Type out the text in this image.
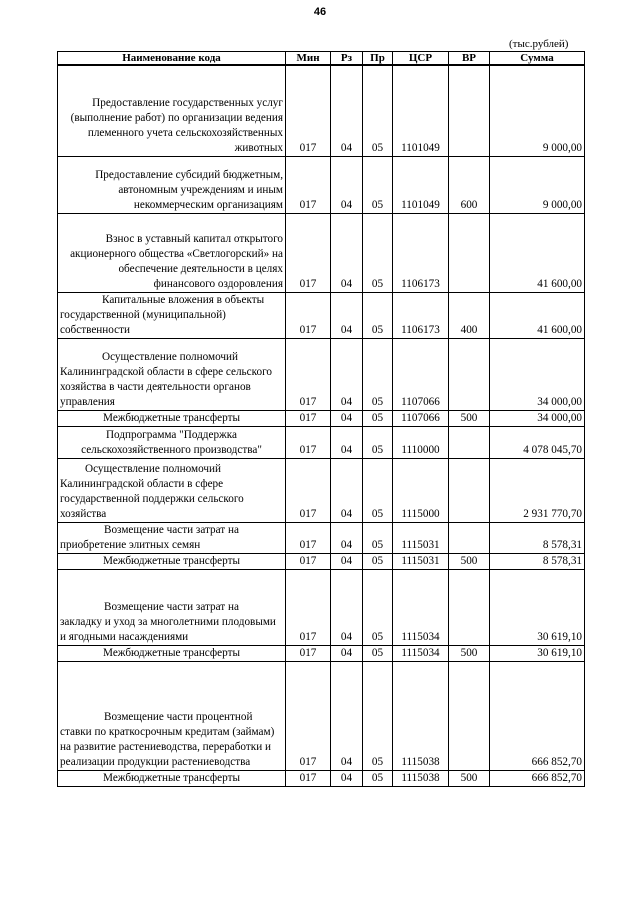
46
(тыс.рублей)
Наименование кода	Мин	Рз	Пр	ЦСР	ВР	Сумма
Предоставление государственных услуг (выполнение работ) по организации ведения племенного учета сельскохозяйственных животных	017	04	05	1101049		9 000,00
Предоставление субсидий бюджетным, автономным учреждениям и иным некоммерческим организациям	017	04	05	1101049	600	9 000,00
Взнос в уставный капитал открытого акционерного общества «Светлогорский» на обеспечение деятельности в целях финансового оздоровления	017	04	05	1106173		41 600,00
Капитальные вложения в объекты государственной (муниципальной) собственности	017	04	05	1106173	400	41 600,00
Осуществление полномочий Калининградской области в сфере сельского хозяйства в части деятельности органов управления	017	04	05	1107066		34 000,00
Межбюджетные трансферты	017	04	05	1107066	500	34 000,00
Подпрограмма "Поддержка сельскохозяйственного производства"	017	04	05	1110000		4 078 045,70
Осуществление полномочий Калининградской области в сфере государственной поддержки сельского хозяйства	017	04	05	1115000		2 931 770,70
Возмещение части затрат на приобретение элитных семян	017	04	05	1115031		8 578,31
Межбюджетные трансферты	017	04	05	1115031	500	8 578,31
Возмещение части затрат на закладку и уход за многолетними плодовыми и ягодными насаждениями	017	04	05	1115034		30 619,10
Межбюджетные трансферты	017	04	05	1115034	500	30 619,10
Возмещение части процентной ставки по краткосрочным кредитам (займам) на развитие растениеводства, переработки и реализации продукции растениеводства	017	04	05	1115038		666 852,70
Межбюджетные трансферты	017	04	05	1115038	500	666 852,70
